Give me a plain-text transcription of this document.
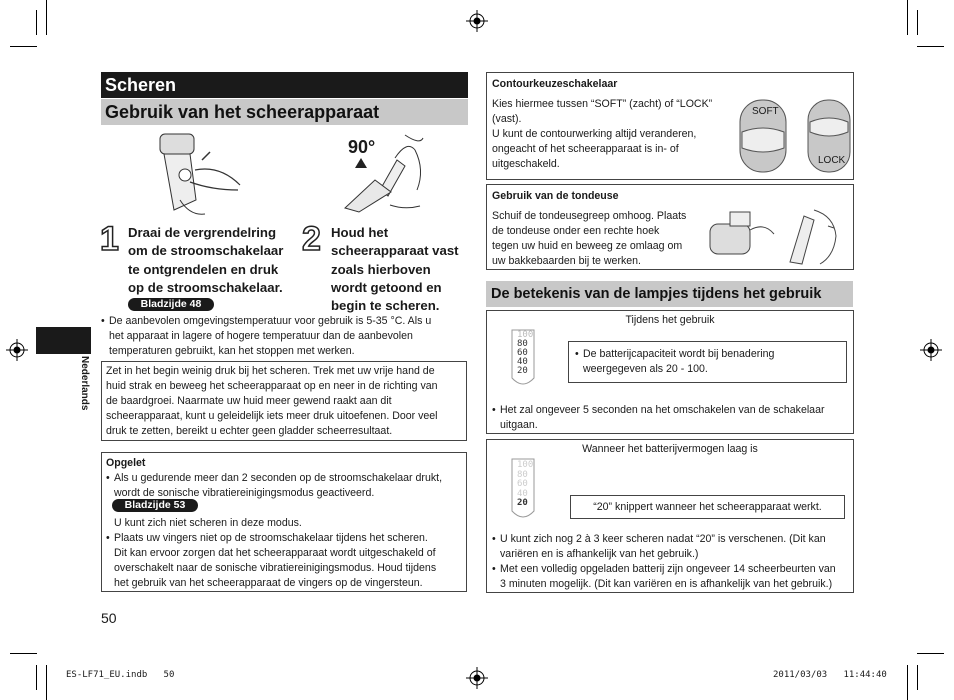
Nederlands
Scheren
Gebruik van het scheerapparaat
90°
1 Draai de vergrendelring
om de stroomschakelaar
te ontgrendelen en druk
op de stroomschakelaar.
Bladzijde 48
2 Houd het
scheerapparaat vast
zoals hierboven
wordt getoond en
begin te scheren.
• De aanbevolen omgevingstemperatuur voor gebruik is 5-35 °C. Als u
het apparaat in lagere of hogere temperatuur dan de aanbevolen
temperaturen gebruikt, kan het stoppen met werken.
Zet in het begin weinig druk bij het scheren. Trek met uw vrije hand de
huid strak en beweeg het scheerapparaat op en neer in de richting van
de baardgroei. Naarmate uw huid meer gewend raakt aan dit
scheerapparaat, kunt u geleidelijk iets meer druk uitoefenen. Door veel
druk te zetten, bereikt u echter geen gladder scheerresultaat.
Opgelet
• Als u gedurende meer dan 2 seconden op de stroomschakelaar drukt,
wordt de sonische vibratiereinigingsmodus geactiveerd.
U kunt zich niet scheren in deze modus.
• Plaats uw vingers niet op de stroomschakelaar tijdens het scheren.
Dit kan ervoor zorgen dat het scheerapparaat wordt uitgeschakeld of
overschakelt naar de sonische vibratiereinigingsmodus. Houd tijdens
het gebruik van het scheerapparaat de vingers op de vingersteun.
Bladzijde 53
50
Contourkeuzeschakelaar
Kies hiermee tussen “SOFT” (zacht) of “LOCK”
(vast).
U kunt de contourwerking altijd veranderen,
ongeacht of het scheerapparaat is in- of
uitgeschakeld.
SOFT
LOCK
Gebruik van de tondeuse
Schuif de tondeusegreep omhoog. Plaats
de tondeuse onder een rechte hoek
tegen uw huid en beweeg ze omlaag om
uw bakkebaarden bij te werken.
De betekenis van de lampjes tijdens het gebruik
Tijdens het gebruik
100
80
60
40
20
• De batterijcapaciteit wordt bij benadering
weergegeven als 20 - 100.
• Het zal ongeveer 5 seconden na het omschakelen van de schakelaar
uitgaan.
Wanneer het batterijvermogen laag is
100
80
60
40
20	“20” knippert wanneer het scheerapparaat werkt.
• U kunt zich nog 2 à 3 keer scheren nadat “20” is verschenen. (Dit kan
variëren en is afhankelijk van het gebruik.)
• Met een volledig opgeladen batterij zijn ongeveer 14 scheerbeurten van
3 minuten mogelijk. (Dit kan variëren en is afhankelijk van het gebruik.)
ES-LF71_EU.indb   50	2011/03/03   11:44:40
